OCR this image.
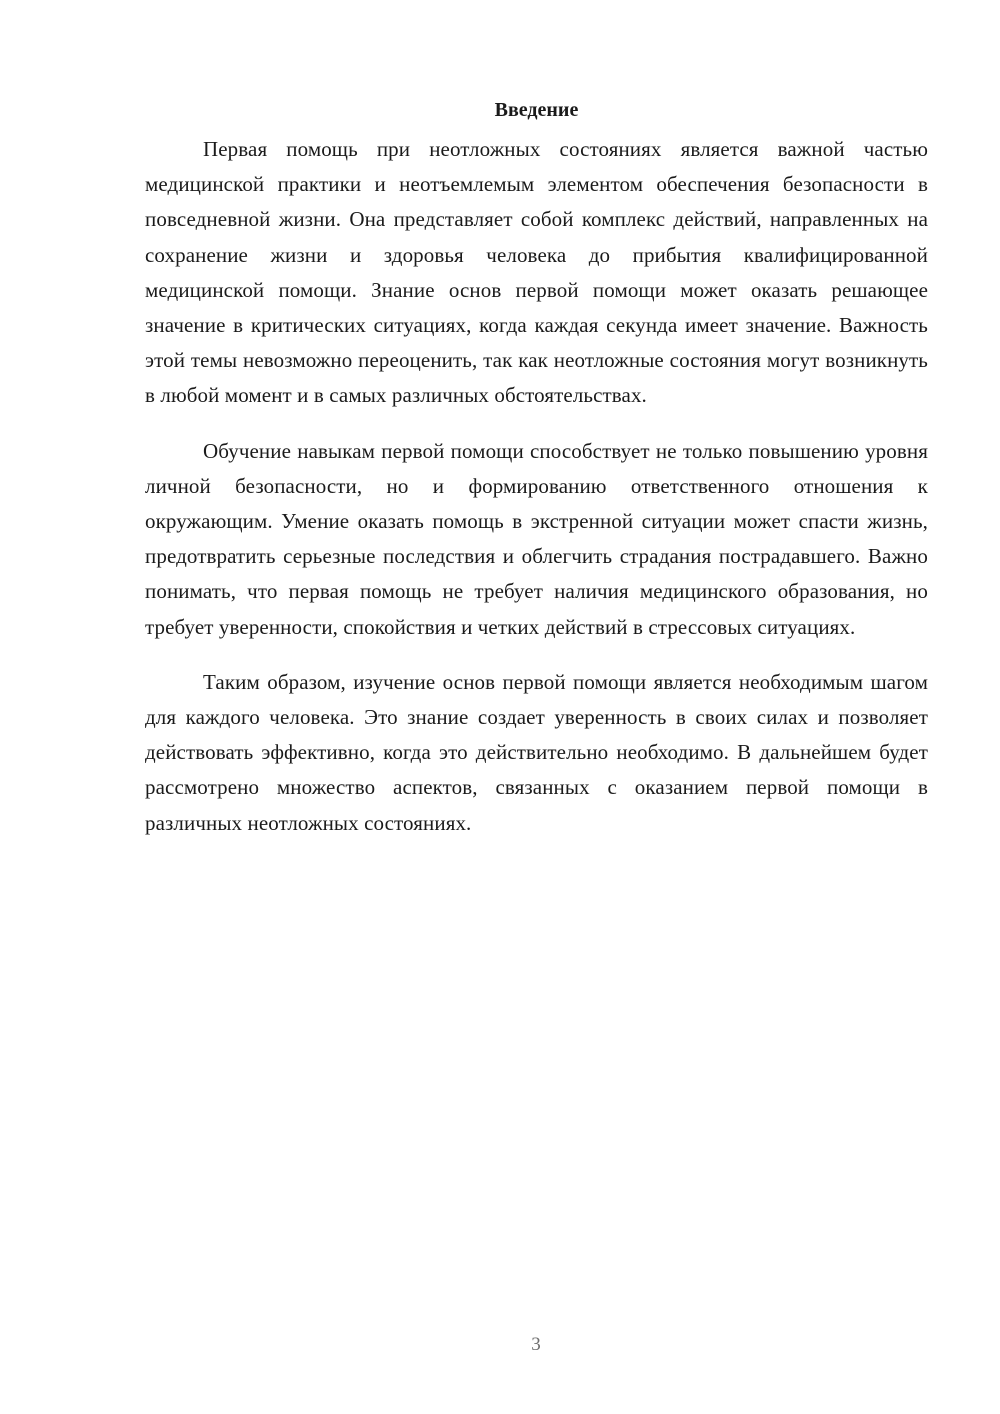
Введение

Первая помощь при неотложных состояниях является важной частью медицинской практики и неотъемлемым элементом обеспечения безопасности в повседневной жизни. Она представляет собой комплекс действий, направленных на сохранение жизни и здоровья человека до прибытия квалифицированной медицинской помощи. Знание основ первой помощи может оказать решающее значение в критических ситуациях, когда каждая секунда имеет значение. Важность этой темы невозможно переоценить, так как неотложные состояния могут возникнуть в любой момент и в самых различных обстоятельствах.

Обучение навыкам первой помощи способствует не только повышению уровня личной безопасности, но и формированию ответственного отношения к окружающим. Умение оказать помощь в экстренной ситуации может спасти жизнь, предотвратить серьезные последствия и облегчить страдания пострадавшего. Важно понимать, что первая помощь не требует наличия медицинского образования, но требует уверенности, спокойствия и четких действий в стрессовых ситуациях.

Таким образом, изучение основ первой помощи является необходимым шагом для каждого человека. Это знание создает уверенность в своих силах и позволяет действовать эффективно, когда это действительно необходимо. В дальнейшем будет рассмотрено множество аспектов, связанных с оказанием первой помощи в различных неотложных состояниях.

3
